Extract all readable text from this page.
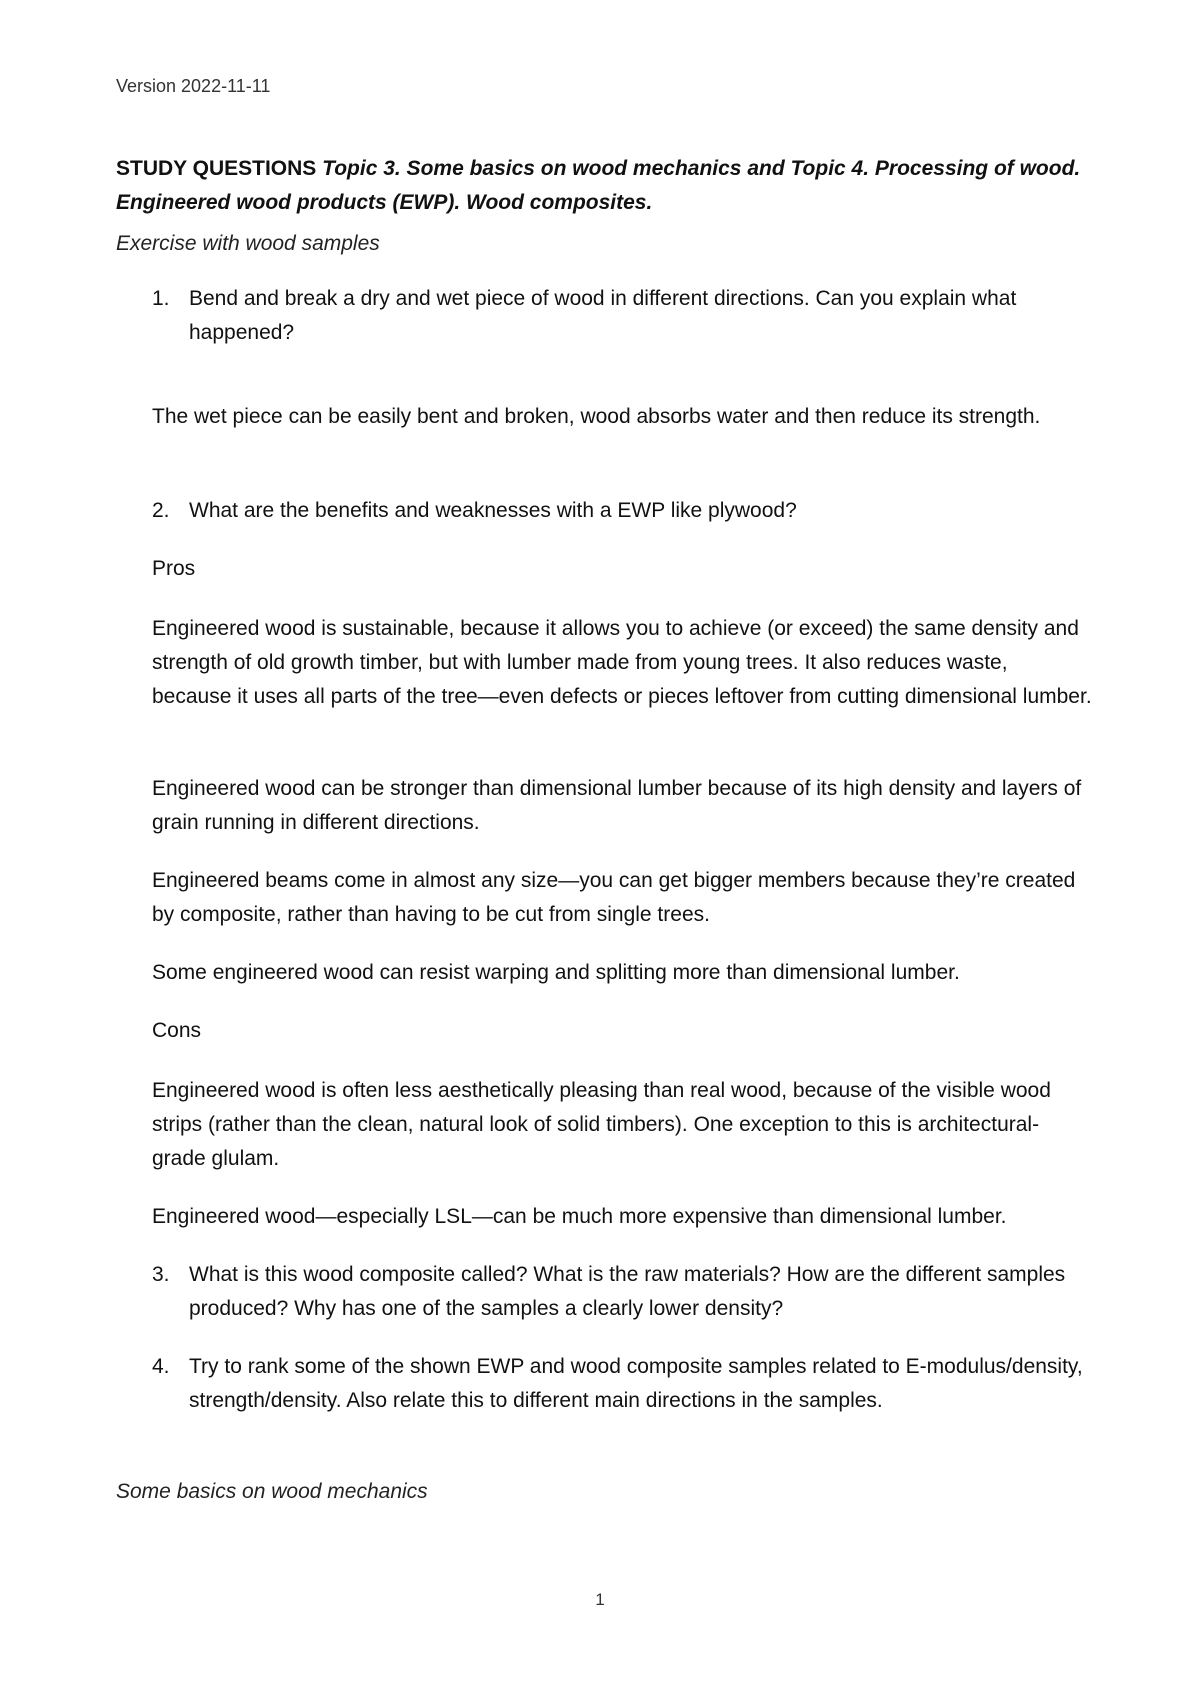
Version 2022-11-11

STUDY QUESTIONS Topic 3. Some basics on wood mechanics and Topic 4. Processing of wood. Engineered wood products (EWP). Wood composites.

Exercise with wood samples

1. Bend and break a dry and wet piece of wood in different directions. Can you explain what happened?

The wet piece can be easily bent and broken, wood absorbs water and then reduce its strength.

2. What are the benefits and weaknesses with a EWP like plywood?

Pros

Engineered wood is sustainable, because it allows you to achieve (or exceed) the same density and strength of old growth timber, but with lumber made from young trees. It also reduces waste, because it uses all parts of the tree—even defects or pieces leftover from cutting dimensional lumber.

Engineered wood can be stronger than dimensional lumber because of its high density and layers of grain running in different directions.

Engineered beams come in almost any size—you can get bigger members because they’re created by composite, rather than having to be cut from single trees.

Some engineered wood can resist warping and splitting more than dimensional lumber.

Cons

Engineered wood is often less aesthetically pleasing than real wood, because of the visible wood strips (rather than the clean, natural look of solid timbers). One exception to this is architectural-grade glulam.

Engineered wood—especially LSL—can be much more expensive than dimensional lumber.

3. What is this wood composite called? What is the raw materials? How are the different samples produced? Why has one of the samples a clearly lower density?
4. Try to rank some of the shown EWP and wood composite samples related to E-modulus/density, strength/density. Also relate this to different main directions in the samples.

Some basics on wood mechanics

1
